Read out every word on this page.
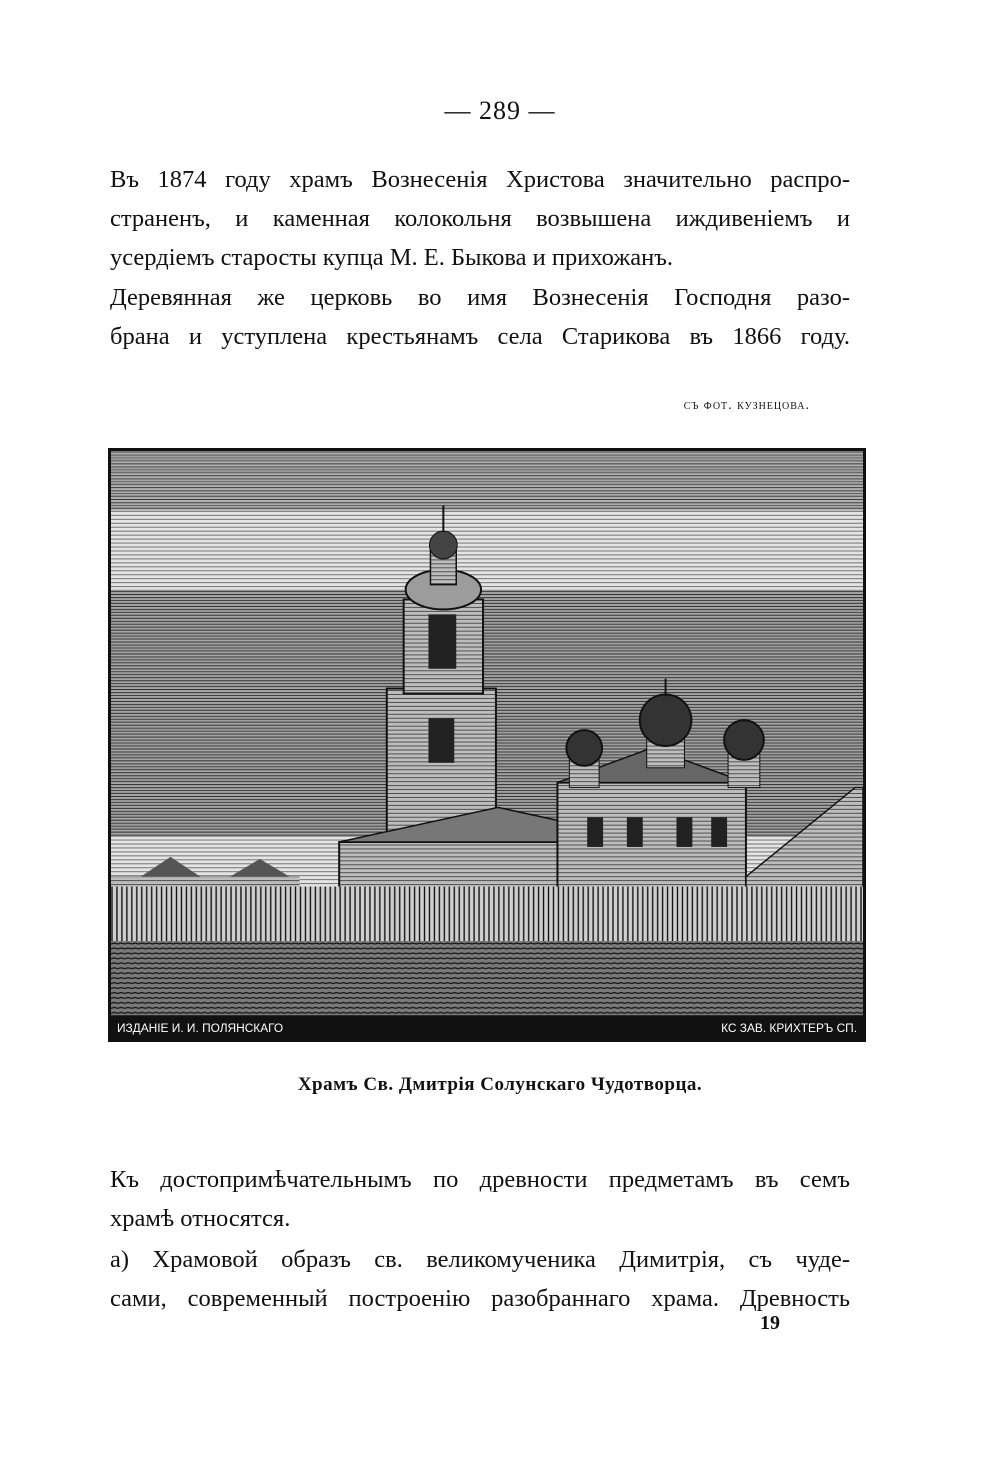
— 289 —

Въ 1874 году храмъ Вознесенія Христова значительно распро-
страненъ, и каменная колокольня возвышена иждивеніемъ и
усердіемъ старосты купца М. Е. Быкова и прихожанъ.

Деревянная же церковь во имя Вознесенія Господня разо-
брана и уступлена крестьянамъ села Старикова въ 1866 году.

съ фот. кузнецова.
ИЗДАНІЕ И. И. ПОЛЯНСКАГО	КС ЗАВ. КРИХТЕРЪ СП.
Храмъ Св. Дмитрія Солунскаго Чудотворца.

Къ достопримѣчательнымъ по древности предметамъ въ семъ
храмѣ относятся.

а) Храмовой образъ св. великомученика Димитрія, съ чуде-
сами, современный построенію разобраннаго храма. Древность

19
